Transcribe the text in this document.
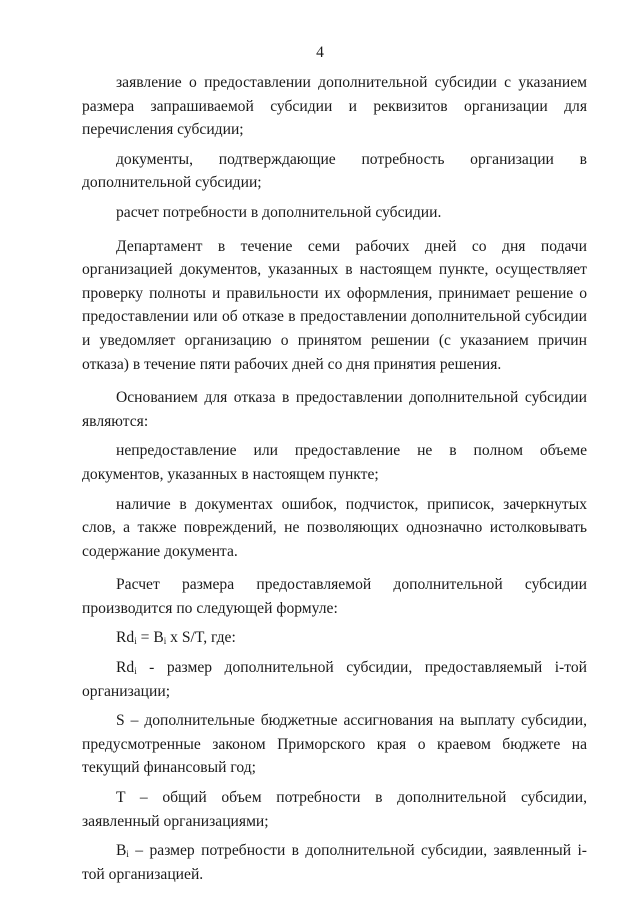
4

заявление о предоставлении дополнительной субсидии с указанием размера запрашиваемой субсидии и реквизитов организации для перечисления субсидии;

документы, подтверждающие потребность организации в дополнительной субсидии;

расчет потребности в дополнительной субсидии.

Департамент в течение семи рабочих дней со дня подачи организацией документов, указанных в настоящем пункте, осуществляет проверку полноты и правильности их оформления, принимает решение о предоставлении или об отказе в предоставлении дополнительной субсидии и уведомляет организацию о принятом решении (с указанием причин отказа) в течение пяти рабочих дней со дня принятия решения.

Основанием для отказа в предоставлении дополнительной субсидии являются:

непредоставление или предоставление не в полном объеме документов, указанных в настоящем пункте;

наличие в документах ошибок, подчисток, приписок, зачеркнутых слов, а также повреждений, не позволяющих однозначно истолковывать содержание документа.

Расчет размера предоставляемой дополнительной субсидии производится по следующей формуле:

$Rd_i = B_i$ x S/T, где:

$Rd_i$ - размер дополнительной субсидии, предоставляемый i-той организации;

S – дополнительные бюджетные ассигнования на выплату субсидии, предусмотренные законом Приморского края о краевом бюджете на текущий финансовый год;

T – общий объем потребности в дополнительной субсидии, заявленный организациями;

$B_i$ – размер потребности в дополнительной субсидии, заявленный i-той организацией.
